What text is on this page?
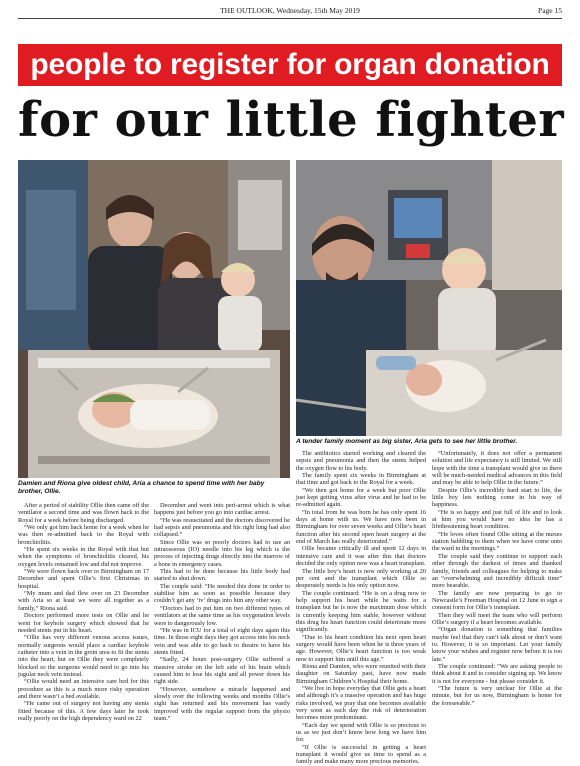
THE OUTLOOK, Wednesday, 15th May 2019	Page 15
people to register for organ donation
for our little fighter
Damien and Riona give oldest child, Aria a chance to spend time with her baby brother, Ollie.
A tender family moment as big sister, Aria gets to see her little brother.

After a period of stability Ollie then came off the ventilator a second time and was flown back to the Royal for a week before being discharged.

“We only got him back home for a week when he was then re-admitted back to the Royal with bronchiolitis.

“He spent six weeks in the Royal with that but when the symptoms of bronchiolitis cleared, his oxygen levels remained low and did not improve.

“We were flown back over to Birmingham on 17 December and spent Ollie’s first Christmas in hospital.

“My mum and dad flew over on 23 December with Aria so at least we were all together as a family,” Riona said.

Doctors performed more tests on Ollie and he went for keyhole surgery which showed that he needed stents put in his heart.

“Ollie has very different venous access issues, normally surgeons would place a cardiac keyhole catheter into a vein in the groin area to fit the stents into the heart, but on Ollie they were completely blocked so the surgeons would need to go into his jugular neck vein instead.

“Ollie would need an intensive care bed for this procedure as this is a much more risky operation and there wasn’t a bed available.

“He came out of surgery not having any stents fitted because of this. A few days later he took really poorly on the high dependency ward on 22

December and went into peri-arrest which is what happens just before you go into cardiac arrest.

“He was resuscitated and the doctors discovered he had sepsis and pneumonia and his right lung had also collapsed.”

Since Ollie was so poorly doctors had to use an intraosseous (IO) needle into his leg which is the process of injecting drugs directly into the marrow of a bone in emergency cases.

This had to be done because his little body had started to shut down.

The couple said: “He needed this done in order to stabilise him as soon as possible because they couldn’t get any ‘iv’ drugs into him any other way.

“Doctors had to put him on two different types of ventilators at the same time as his oxygenation levels were to dangerously low.

“He was in ICU for a total of eight days again this time. In those eight days they got access into his neck vein and was able to go back to theatre to have his stents fitted.

“Sadly, 24 hours post-surgery Ollie suffered a massive stroke on the left side of his brain which caused him to lose his sight and all power down his right side.

“However, somehow a miracle happened and slowly over the following weeks and months Ollie’s sight has returned and his movement has vastly improved with the regular support from the physio team.”

The antibiotics started working and cleared the sepsis and pneumonia and then the stents helped the oxygen flow to his body.

The family spent six weeks in Birmingham at that time and got back to the Royal for a week.

“We then got home for a week but poor Ollie just kept getting virus after virus and he had to be re-admitted again.

“In total from he was born he has only spent 16 days at home with us. We have now been in Birmingham for over seven weeks and Ollie’s heart function after his second open heart surgery at the end of March has really deteriorated.”

Ollie became critically ill and spent 12 days in intensive care and it was after this that doctors decided the only option now was a heart transplant.

The little boy’s heart is now only working at 20 per cent and the transplant which Ollie so desperately needs is his only option now.

The couple continued: “He is on a drug now to help support his heart while he waits for a transplant but he is now the maximum dose which is currently keeping him stable, however without this drug his heart function could deteriorate more significantly.

“Due to his heart condition his next open heart surgery would have been when he is three years of age. However, Ollie’s heart function is too weak now to support him until this age.”

Riona and Damien, who were reunited with their daughter on Saturday past, have now made Birmingham Children’s Hospital their home.

“We live in hope everyday that Ollie gets a heart and although it’s a massive operation and has huge risks involved, we pray that one becomes available very soon as each day the risk of deterioration becomes more predominant.

“Each day we spend with Ollie is so precious to us as we just don’t know how long we have him for.

“If Ollie is successful in getting a heart transplant it would give us time to spend as a family and make many more precious memories.

“Unfortunately, it does not offer a permanent solution and life expectancy is still limited. We still hope with the time a transplant would give us there will be much-needed medical advances in this field and may be able to help Ollie in the future.”

Despite Ollie’s incredibly hard start to life, the little boy lets nothing come in his way of happiness.

“He is so happy and just full of life and to look at him you would have no idea he has a lifethreatening heart condition.

“He loves often found Ollie sitting at the nurses station babbling to them when we have come onto the ward in the mornings.”

The couple said they continue to support each other through the darkest of times and thanked family, friends and colleagues for helping to make an “overwhelming and incredibly difficult time” more bearable.

The family are now preparing to go to Newcastle’s Freeman Hospital on 12 June to sign a consent form for Ollie’s transplant.

Then they will meet the team who will perform Ollie’s surgery if a heart becomes available.

“Organ donation is something that families maybe feel that they can’t talk about or don’t want to. However, it is so important. Let your family know your wishes and register now before it is too late.”

The couple continued: “We are asking people to think about it and to consider signing up. We know it is not for everyone - but please consider it.

“The future is very unclear for Ollie at the minute, but for us now, Birmingham is home for the foreseeable.”
